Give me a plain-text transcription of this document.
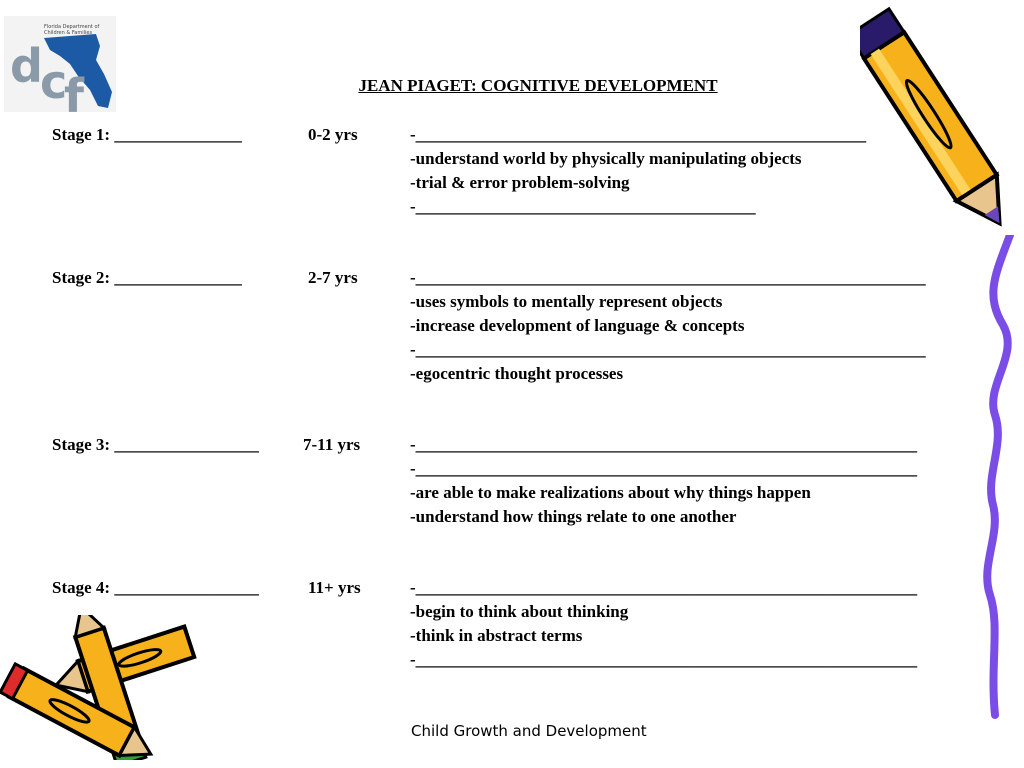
d
c
f
Florida Department of
Children & Families
JEAN PIAGET: COGNITIVE DEVELOPMENT
Stage 1: _______________	0-2 yrs	-_____________________________________________________
-understand world by physically manipulating objects
-trial & error problem-solving
-________________________________________
Stage 2: _______________	2-7 yrs	-____________________________________________________________
-uses symbols to mentally represent objects
-increase development of language & concepts
-____________________________________________________________
-egocentric thought processes
Stage 3: _________________	7-11 yrs	-___________________________________________________________
-___________________________________________________________
-are able to make realizations about why things happen
-understand how things relate to one another
Stage 4: _________________	11+ yrs	-___________________________________________________________
-begin to think about thinking
-think in abstract terms
-___________________________________________________________
Child Growth and Development
